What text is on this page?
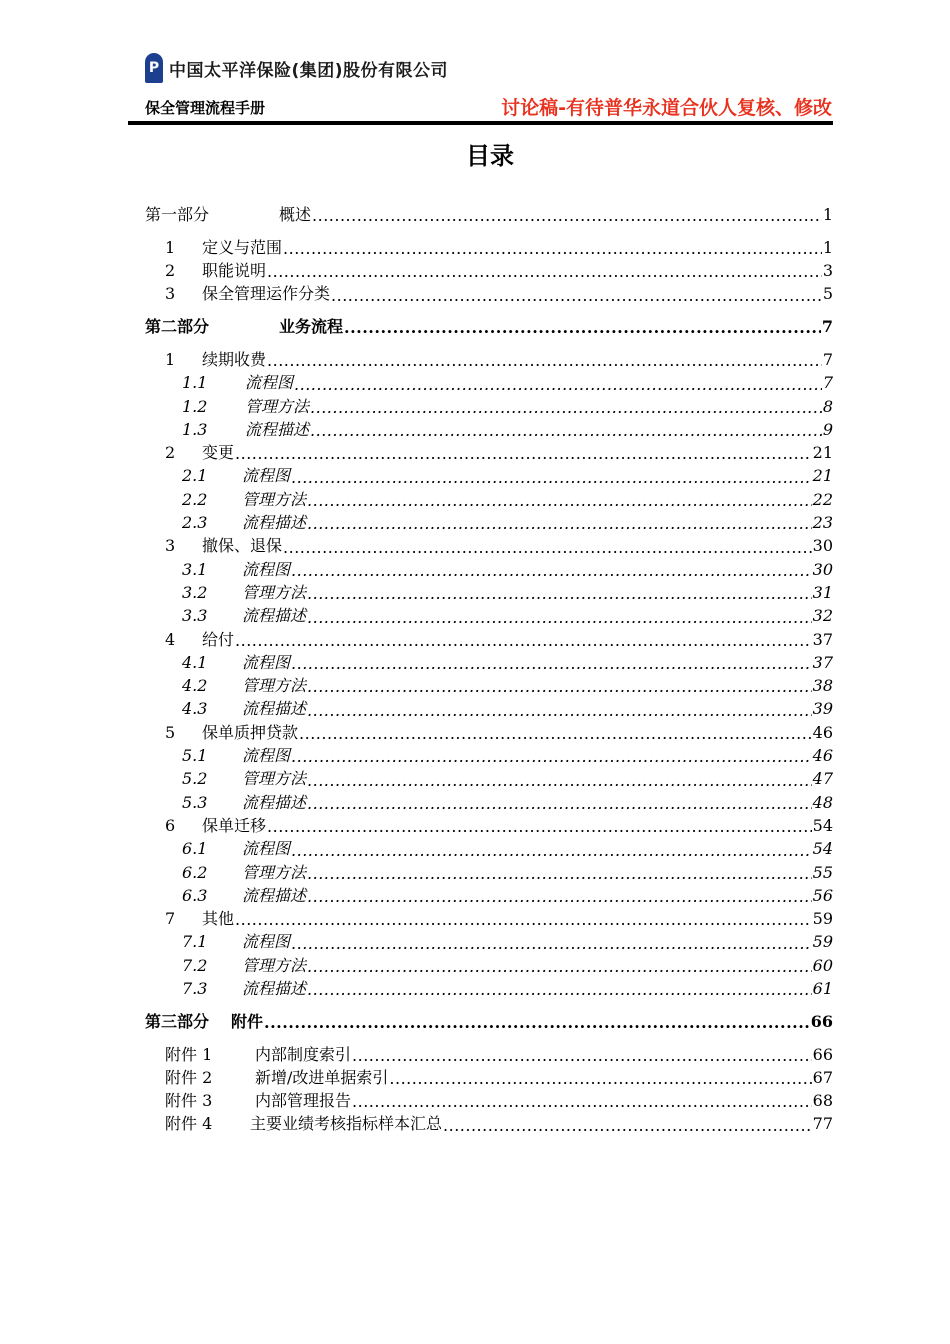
P 中国太平洋保险(集团)股份有限公司
保全管理流程手册	讨论稿-有待普华永道合伙人复核、修改
目录
第一部分	概述 .....	1
1	定义与范围 .....	1
2	职能说明 .....	3
3	保全管理运作分类 .....	5
第二部分	业务流程 .....	7
1	续期收费 .....	7
1.1	流程图 .....	7
1.2	管理方法 .....	8
1.3	流程描述 .....	9
2	变更 .....	21
2.1	流程图 .....	21
2.2	管理方法 .....	22
2.3	流程描述 .....	23
3	撤保、退保 .....	30
3.1	流程图 .....	30
3.2	管理方法 .....	31
3.3	流程描述 .....	32
4	给付 .....	37
4.1	流程图 .....	37
4.2	管理方法 .....	38
4.3	流程描述 .....	39
5	保单质押贷款 .....	46
5.1	流程图 .....	46
5.2	管理方法 .....	47
5.3	流程描述 .....	48
6	保单迁移 .....	54
6.1	流程图 .....	54
6.2	管理方法 .....	55
6.3	流程描述 .....	56
7	其他 .....	59
7.1	流程图 .....	59
7.2	管理方法 .....	60
7.3	流程描述 .....	61
第三部分	附件 .....	66
附件 1	内部制度索引 .....	66
附件 2	新增/改进单据索引 .....	67
附件 3	内部管理报告 .....	68
附件 4	主要业绩考核指标样本汇总 .....	77
